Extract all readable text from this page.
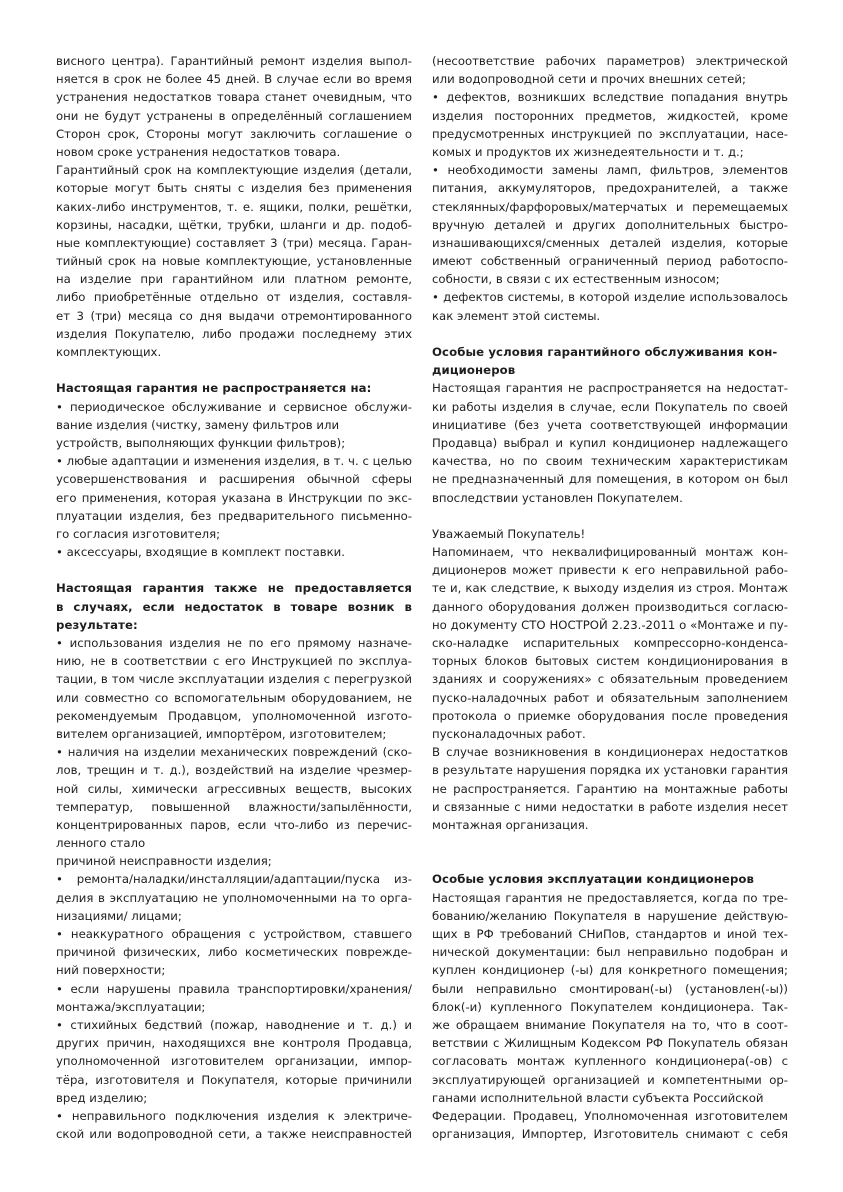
висного центра). Гарантийный ремонт изделия выпол-
няется в срок не более 45 дней. В случае если во время
устранения недостатков товара станет очевидным, что
они не будут устранены в определённый соглашением
Сторон срок, Стороны могут заключить соглашение о
новом сроке устранения недостатков товара.
Гарантийный срок на комплектующие изделия (детали,
которые могут быть сняты с изделия без применения
каких-либо инструментов, т. е. ящики, полки, решётки,
корзины, насадки, щётки, трубки, шланги и др. подоб-
ные комплектующие) составляет 3 (три) месяца. Гаран-
тийный срок на новые комплектующие, установленные
на изделие при гарантийном или платном ремонте,
либо приобретённые отдельно от изделия, составля-
ет 3 (три) месяца со дня выдачи отремонтированного
изделия Покупателю, либо продажи последнему этих
комплектующих.
Настоящая гарантия не распространяется на:
• периодическое обслуживание и сервисное обслужи-
вание изделия (чистку, замену фильтров или
устройств, выполняющих функции фильтров);
• любые адаптации и изменения изделия, в т. ч. с целью
усовершенствования и расширения обычной сферы
его применения, которая указана в Инструкции по экс-
плуатации изделия, без предварительного письменно-
го согласия изготовителя;
• аксессуары, входящие в комплект поставки.
Настоящая гарантия также не предоставляется
в случаях, если недостаток в товаре возник в
результате:
• использования изделия не по его прямому назначе-
нию, не в соответствии с его Инструкцией по эксплуа-
тации, в том числе эксплуатации изделия с перегрузкой
или совместно со вспомогательным оборудованием, не
рекомендуемым Продавцом, уполномоченной изгото-
вителем организацией, импортёром, изготовителем;
• наличия на изделии механических повреждений (ско-
лов, трещин и т. д.), воздействий на изделие чрезмер-
ной силы, химически агрессивных веществ, высоких
температур, повышенной влажности/запылённости,
концентрированных паров, если что-либо из перечис-
ленного стало
причиной неисправности изделия;
• ремонта/наладки/инсталляции/адаптации/пуска из-
делия в эксплуатацию не уполномоченными на то орга-
низациями/ лицами;
• неаккуратного обращения с устройством, ставшего
причиной физических, либо косметических поврежде-
ний поверхности;
• если нарушены правила транспортировки/хранения/
монтажа/эксплуатации;
• стихийных бедствий (пожар, наводнение и т. д.) и
других причин, находящихся вне контроля Продавца,
уполномоченной изготовителем организации, импор-
тёра, изготовителя и Покупателя, которые причинили
вред изделию;
• неправильного подключения изделия к электриче-
ской или водопроводной сети, а также неисправностей
(несоответствие рабочих параметров) электрической
или водопроводной сети и прочих внешних сетей;
• дефектов, возникших вследствие попадания внутрь
изделия посторонних предметов, жидкостей, кроме
предусмотренных инструкцией по эксплуатации, насе-
комых и продуктов их жизнедеятельности и т. д.;
• необходимости замены ламп, фильтров, элементов
питания, аккумуляторов, предохранителей, а также
стеклянных/фарфоровых/матерчатых и перемещаемых
вручную деталей и других дополнительных быстро-
изнашивающихся/сменных деталей изделия, которые
имеют собственный ограниченный период работоспо-
собности, в связи с их естественным износом;
• дефектов системы, в которой изделие использовалось
как элемент этой системы.
Особые условия гарантийного обслуживания кон-
диционеров
Настоящая гарантия не распространяется на недостат-
ки работы изделия в случае, если Покупатель по своей
инициативе (без учета соответствующей информации
Продавца) выбрал и купил кондиционер надлежащего
качества, но по своим техническим характеристикам
не предназначенный для помещения, в котором он был
впоследствии установлен Покупателем.
Уважаемый Покупатель!
Напоминаем, что неквалифицированный монтаж кон-
диционеров может привести к его неправильной рабо-
те и, как следствие, к выходу изделия из строя. Монтаж
данного оборудования должен производиться согласю-
но документу СТО НОСТРОЙ 2.23.-2011 о «Монтаже и пу-
ско-наладке испарительных компрессорно-конденса-
торных блоков бытовых систем кондиционирования в
зданиях и сооружениях» с обязательным проведением
пуско-наладочных работ и обязательным заполнением
протокола о приемке оборудования после проведения
пусконаладочных работ.
В случае возникновения в кондиционерах недостатков
в результате нарушения порядка их установки гарантия
не распространяется. Гарантию на монтажные работы
и связанные с ними недостатки в работе изделия несет
монтажная организация.
Особые условия эксплуатации кондиционеров
Настоящая гарантия не предоставляется, когда по тре-
бованию/желанию Покупателя в нарушение действую-
щих в РФ требований СНиПов, стандартов и иной тех-
нической документации: был неправильно подобран и
куплен кондиционер (-ы) для конкретного помещения;
были неправильно смонтирован(-ы) (установлен(-ы))
блок(-и) купленного Покупателем кондиционера. Так-
же обращаем внимание Покупателя на то, что в соот-
ветствии с Жилищным Кодексом РФ Покупатель обязан
согласовать монтаж купленного кондиционера(-ов) с
эксплуатирующей организацией и компетентными ор-
ганами исполнительной власти субъекта Российской
Федерации. Продавец, Уполномоченная изготовителем
организация, Импортер, Изготовитель снимают с себя
